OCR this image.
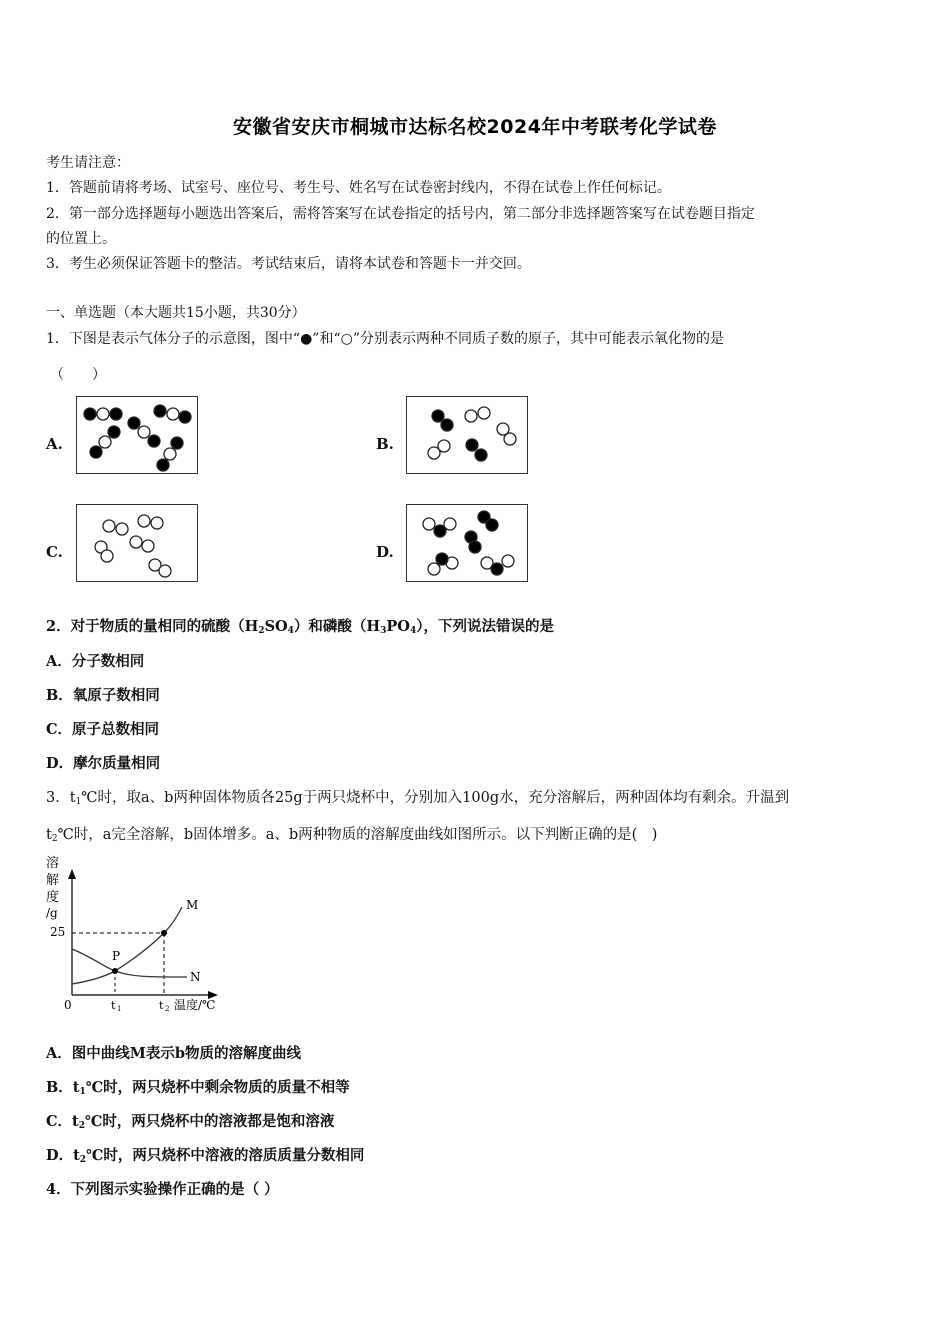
安徽省安庆市桐城市达标名校2024年中考联考化学试卷
考生请注意：
1．答题前请将考场、试室号、座位号、考生号、姓名写在试卷密封线内，不得在试卷上作任何标记。
2．第一部分选择题每小题选出答案后，需将答案写在试卷指定的括号内，第二部分非选择题答案写在试卷题目指定
的位置上。
3．考生必须保证答题卡的整洁。考试结束后，请将本试卷和答题卡一并交回。
一、单选题（本大题共15小题，共30分）
1．下图是表示气体分子的示意图，图中“●”和“○”分别表示两种不同质子数的原子，其中可能表示氧化物的是
（　　）
A.	B.
C.	D.
2．对于物质的量相同的硫酸$(H_2SO_4)$和磷酸$(H_3PO_4)$，下列说法错误的是
A．分子数相同
B．氧原子数相同
C．原子总数相同
D．摩尔质量相同
3．$t_1℃$时，取a、b两种固体物质各25g于两只烧杯中，分别加入100g水，充分溶解后，两种固体均有剩余。升温到
$t_2℃$时，a完全溶解，b固体增多。a、b两种物质的溶解度曲线如图所示。以下判断正确的是(　)
溶
解
度
/g
25
P
M
N
0	t 1	t 2 温度/℃
A．图中曲线M表示b物质的溶解度曲线
B．$t_1℃$时，两只烧杯中剩余物质的质量不相等
C．$t_2℃$时，两只烧杯中的溶液都是饱和溶液
D．$t_2℃$时，两只烧杯中溶液的溶质质量分数相同
4．下列图示实验操作正确的是（ ）
